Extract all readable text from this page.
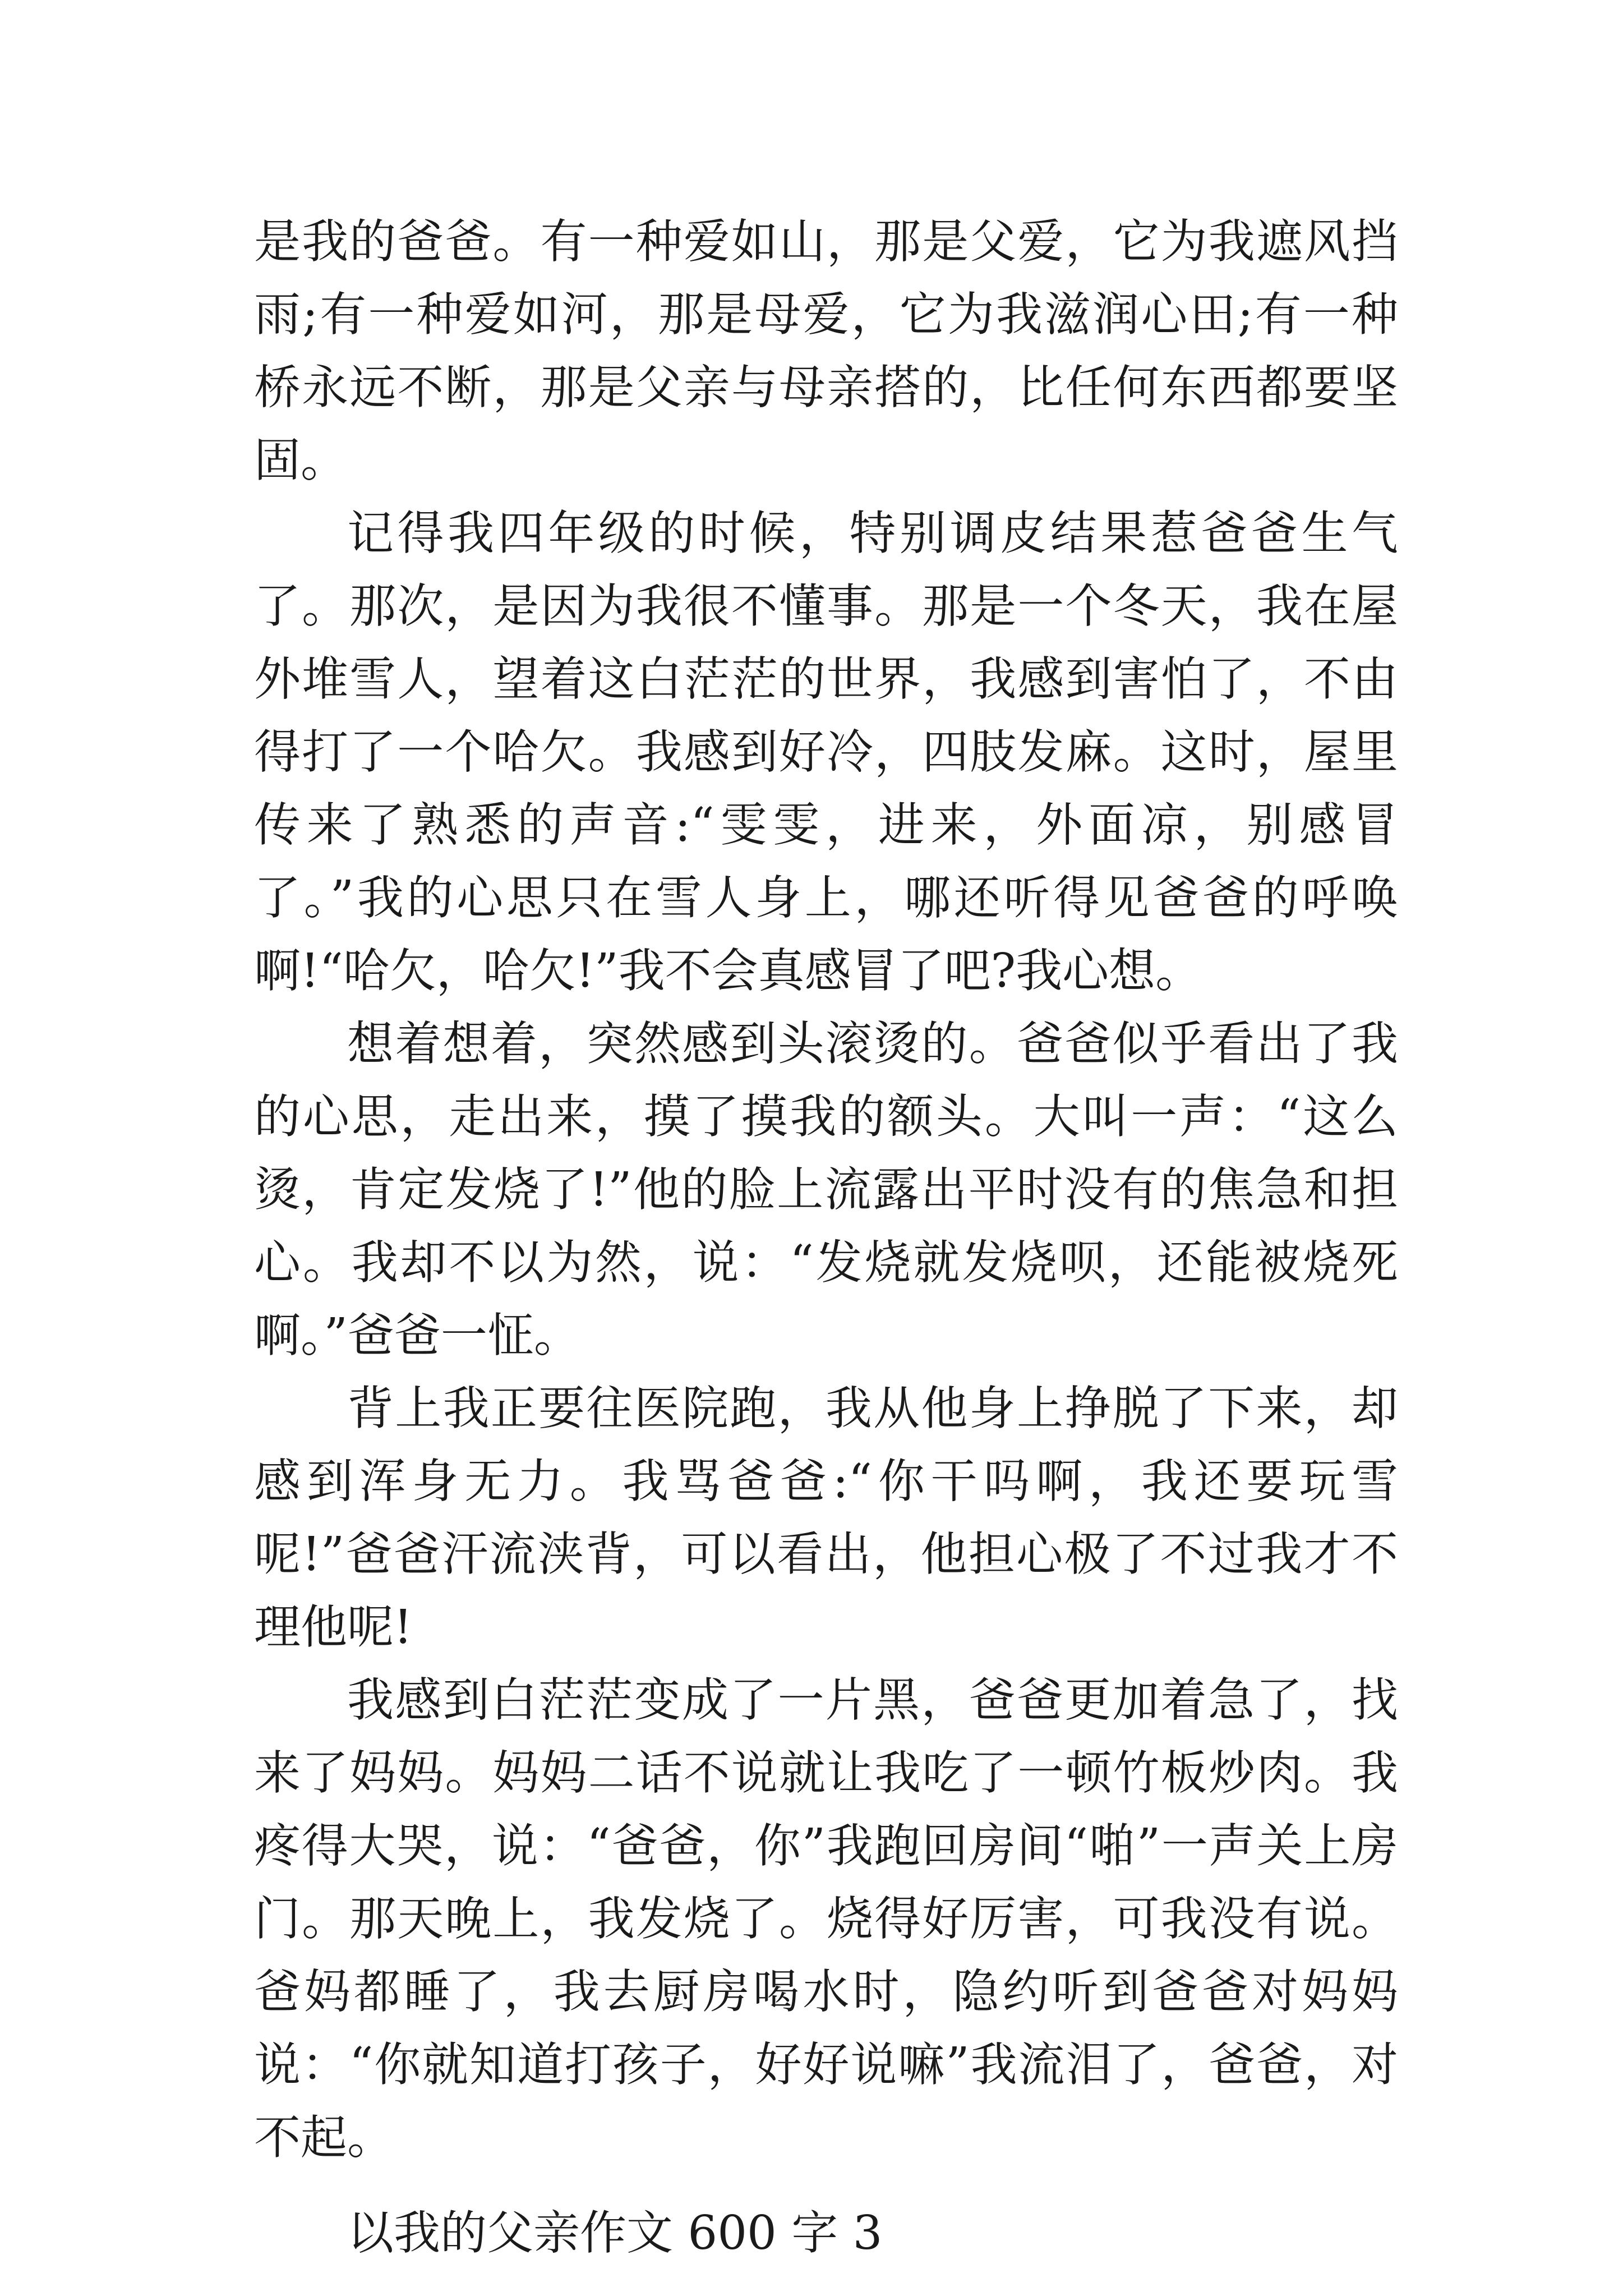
是我的爸爸。有一种爱如山，那是父爱，它为我遮风挡雨;有一种爱如河，那是母爱，它为我滋润心田;有一种桥永远不断，那是父亲与母亲搭的，比任何东西都要坚固。

记得我四年级的时候，特别调皮结果惹爸爸生气了。那次，是因为我很不懂事。那是一个冬天，我在屋外堆雪人，望着这白茫茫的世界，我感到害怕了，不由得打了一个哈欠。我感到好冷，四肢发麻。这时，屋里传来了熟悉的声音:“雯雯，进来，外面凉，别感冒了。”我的心思只在雪人身上，哪还听得见爸爸的呼唤啊!“哈欠，哈欠!”我不会真感冒了吧?我心想。

想着想着，突然感到头滚烫的。爸爸似乎看出了我的心思，走出来，摸了摸我的额头。大叫一声：“这么烫，肯定发烧了!”他的脸上流露出平时没有的焦急和担心。我却不以为然，说：“发烧就发烧呗，还能被烧死啊。”爸爸一怔。

背上我正要往医院跑，我从他身上挣脱了下来，却感到浑身无力。我骂爸爸:“你干吗啊，我还要玩雪呢!”爸爸汗流浃背，可以看出，他担心极了不过我才不理他呢!

我感到白茫茫变成了一片黑，爸爸更加着急了，找来了妈妈。妈妈二话不说就让我吃了一顿竹板炒肉。我疼得大哭，说：“爸爸，你”我跑回房间“啪”一声关上房门。那天晚上，我发烧了。烧得好厉害，可我没有说。爸妈都睡了，我去厨房喝水时，隐约听到爸爸对妈妈说：“你就知道打孩子，好好说嘛”我流泪了，爸爸，对不起。

以我的父亲作文 600 字 3
